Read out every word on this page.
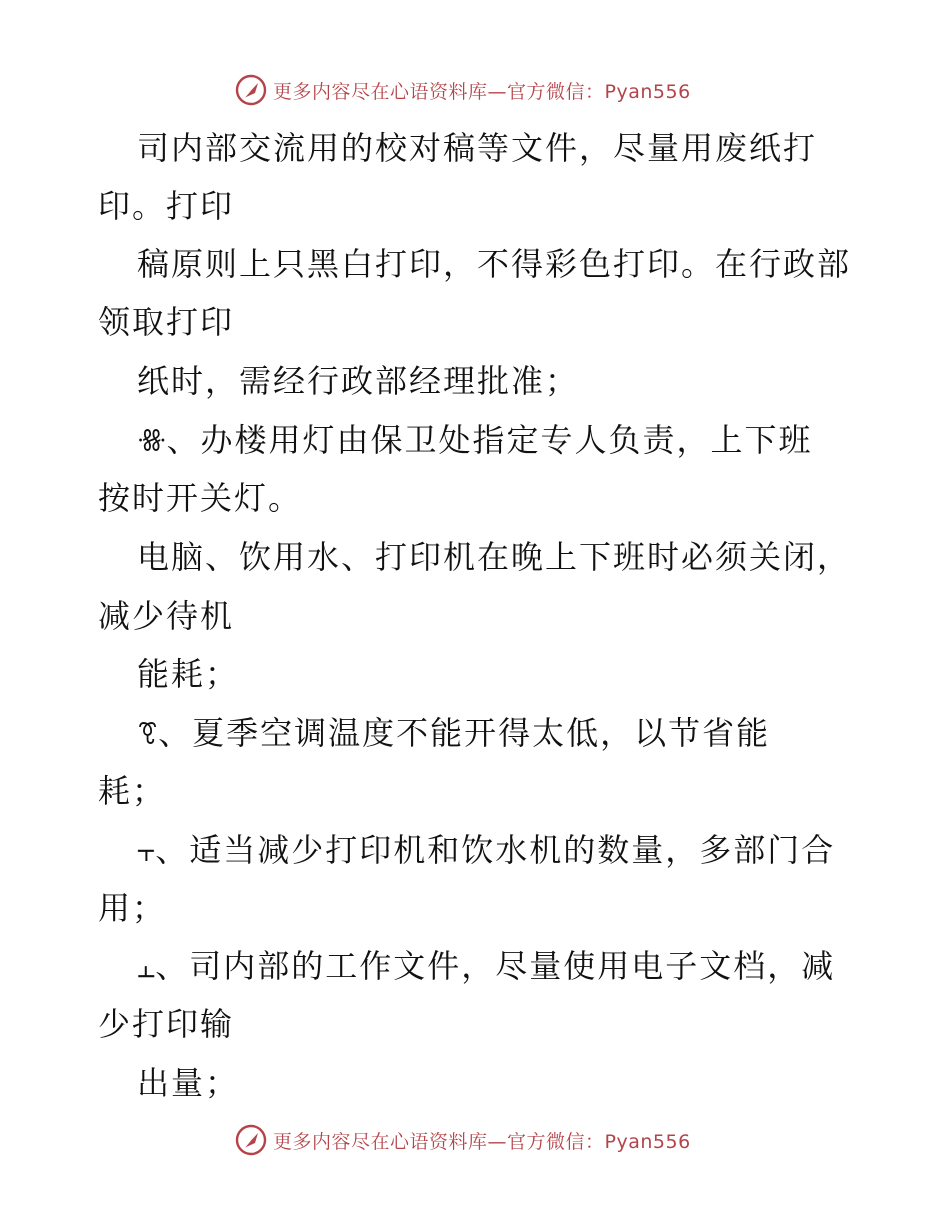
更多内容尽在心语资料库—官方微信：Pyan556
司内部交流用的校对稿等文件，尽量用废纸打
印。打印
稿原则上只黑白打印，不得彩色打印。在行政部
领取打印
纸时，需经行政部经理批准；
ꗥ、办楼用灯由保卫处指定专人负责，上下班
按时开关灯。
电脑、饮用水、打印机在晚上下班时必须关闭，
减少待机
能耗；
ꗦ、夏季空调温度不能开得太低，以节省能
耗；
⫟、适当减少打印机和饮水机的数量，多部门合
用；
⫠、司内部的工作文件，尽量使用电子文档，减
少打印输
出量；
更多内容尽在心语资料库—官方微信：Pyan556
